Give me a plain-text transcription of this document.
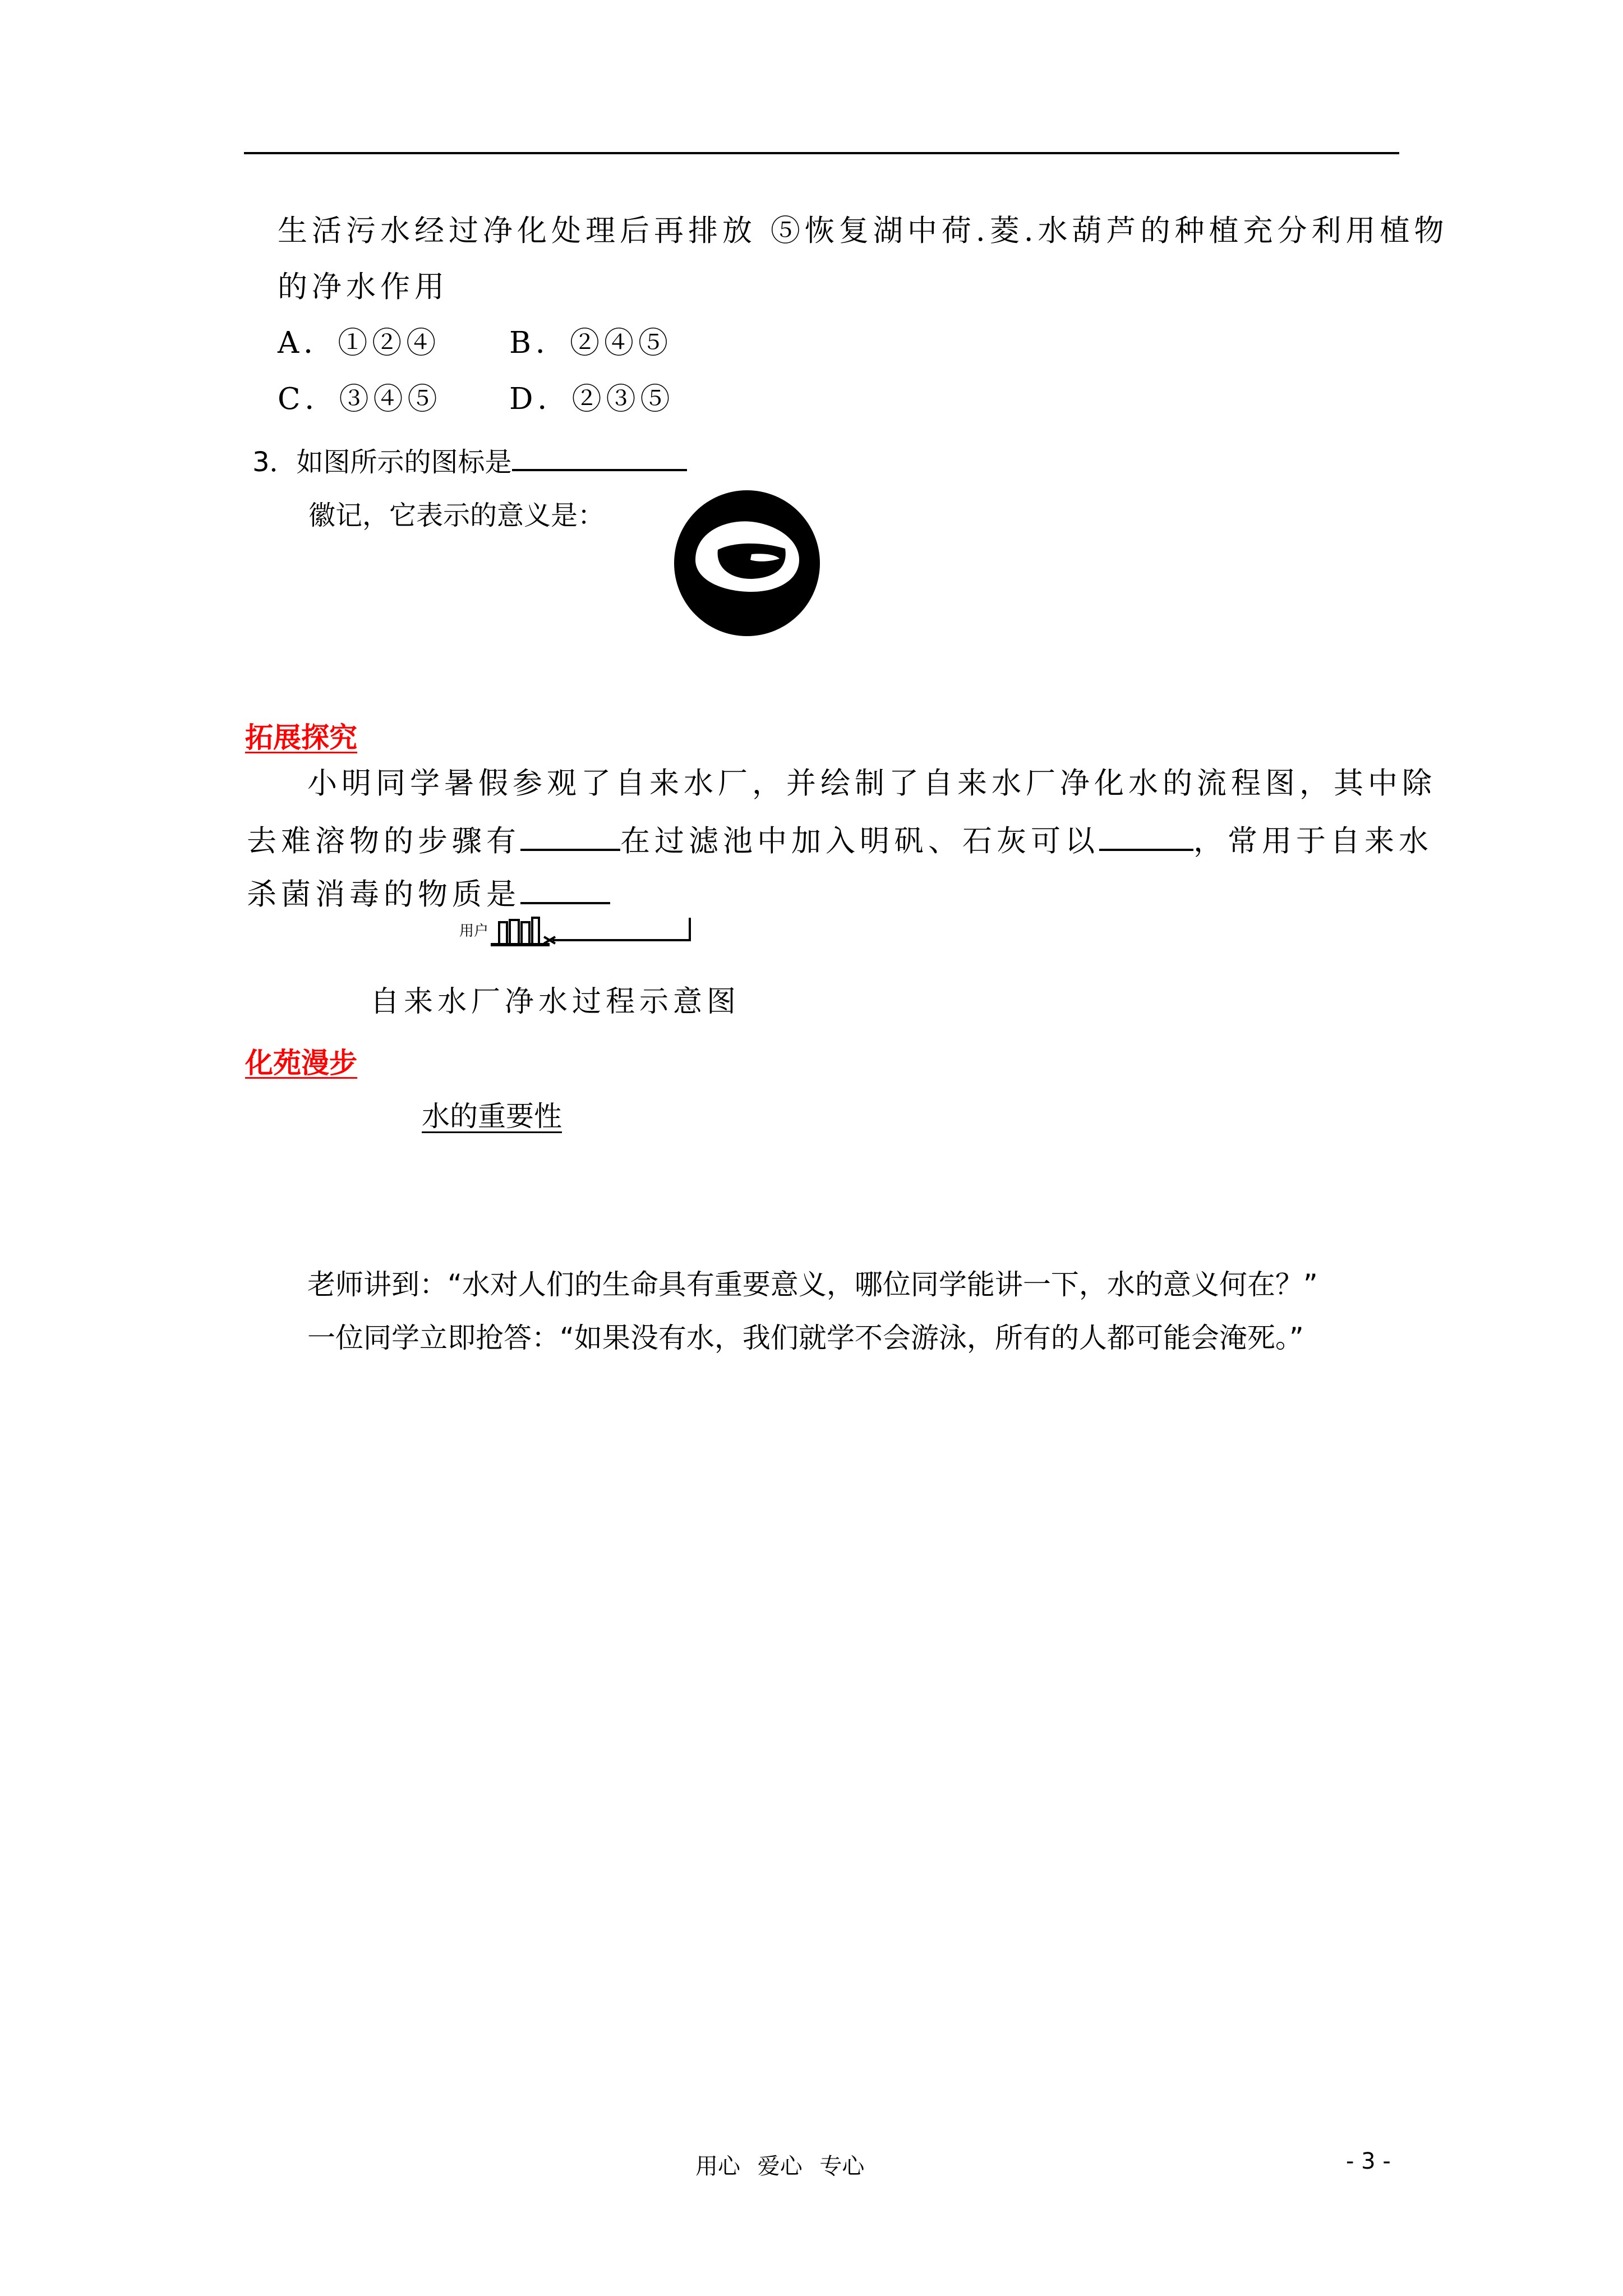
生活污水经过净化处理后再排放 ⑤恢复湖中荷.菱.水葫芦的种植充分利用植物
的净水作用
A．①②④ B．②④⑤
C．③④⑤ D．②③⑤
3．如图所示的图标是
徽记，它表示的意义是：
拓展探究
小明同学暑假参观了自来水厂，并绘制了自来水厂净化水的流程图，其中除
去难溶物的步骤有	在过滤池中加入明矾、石灰可以	，常用于自来水
杀菌消毒的物质是
用户
自来水厂净水过程示意图
化苑漫步
水的重要性
老师讲到：“水对人们的生命具有重要意义，哪位同学能讲一下，水的意义何在？”
一位同学立即抢答：“如果没有水，我们就学不会游泳，所有的人都可能会淹死。”
用心 爱心 专心	- 3 -
